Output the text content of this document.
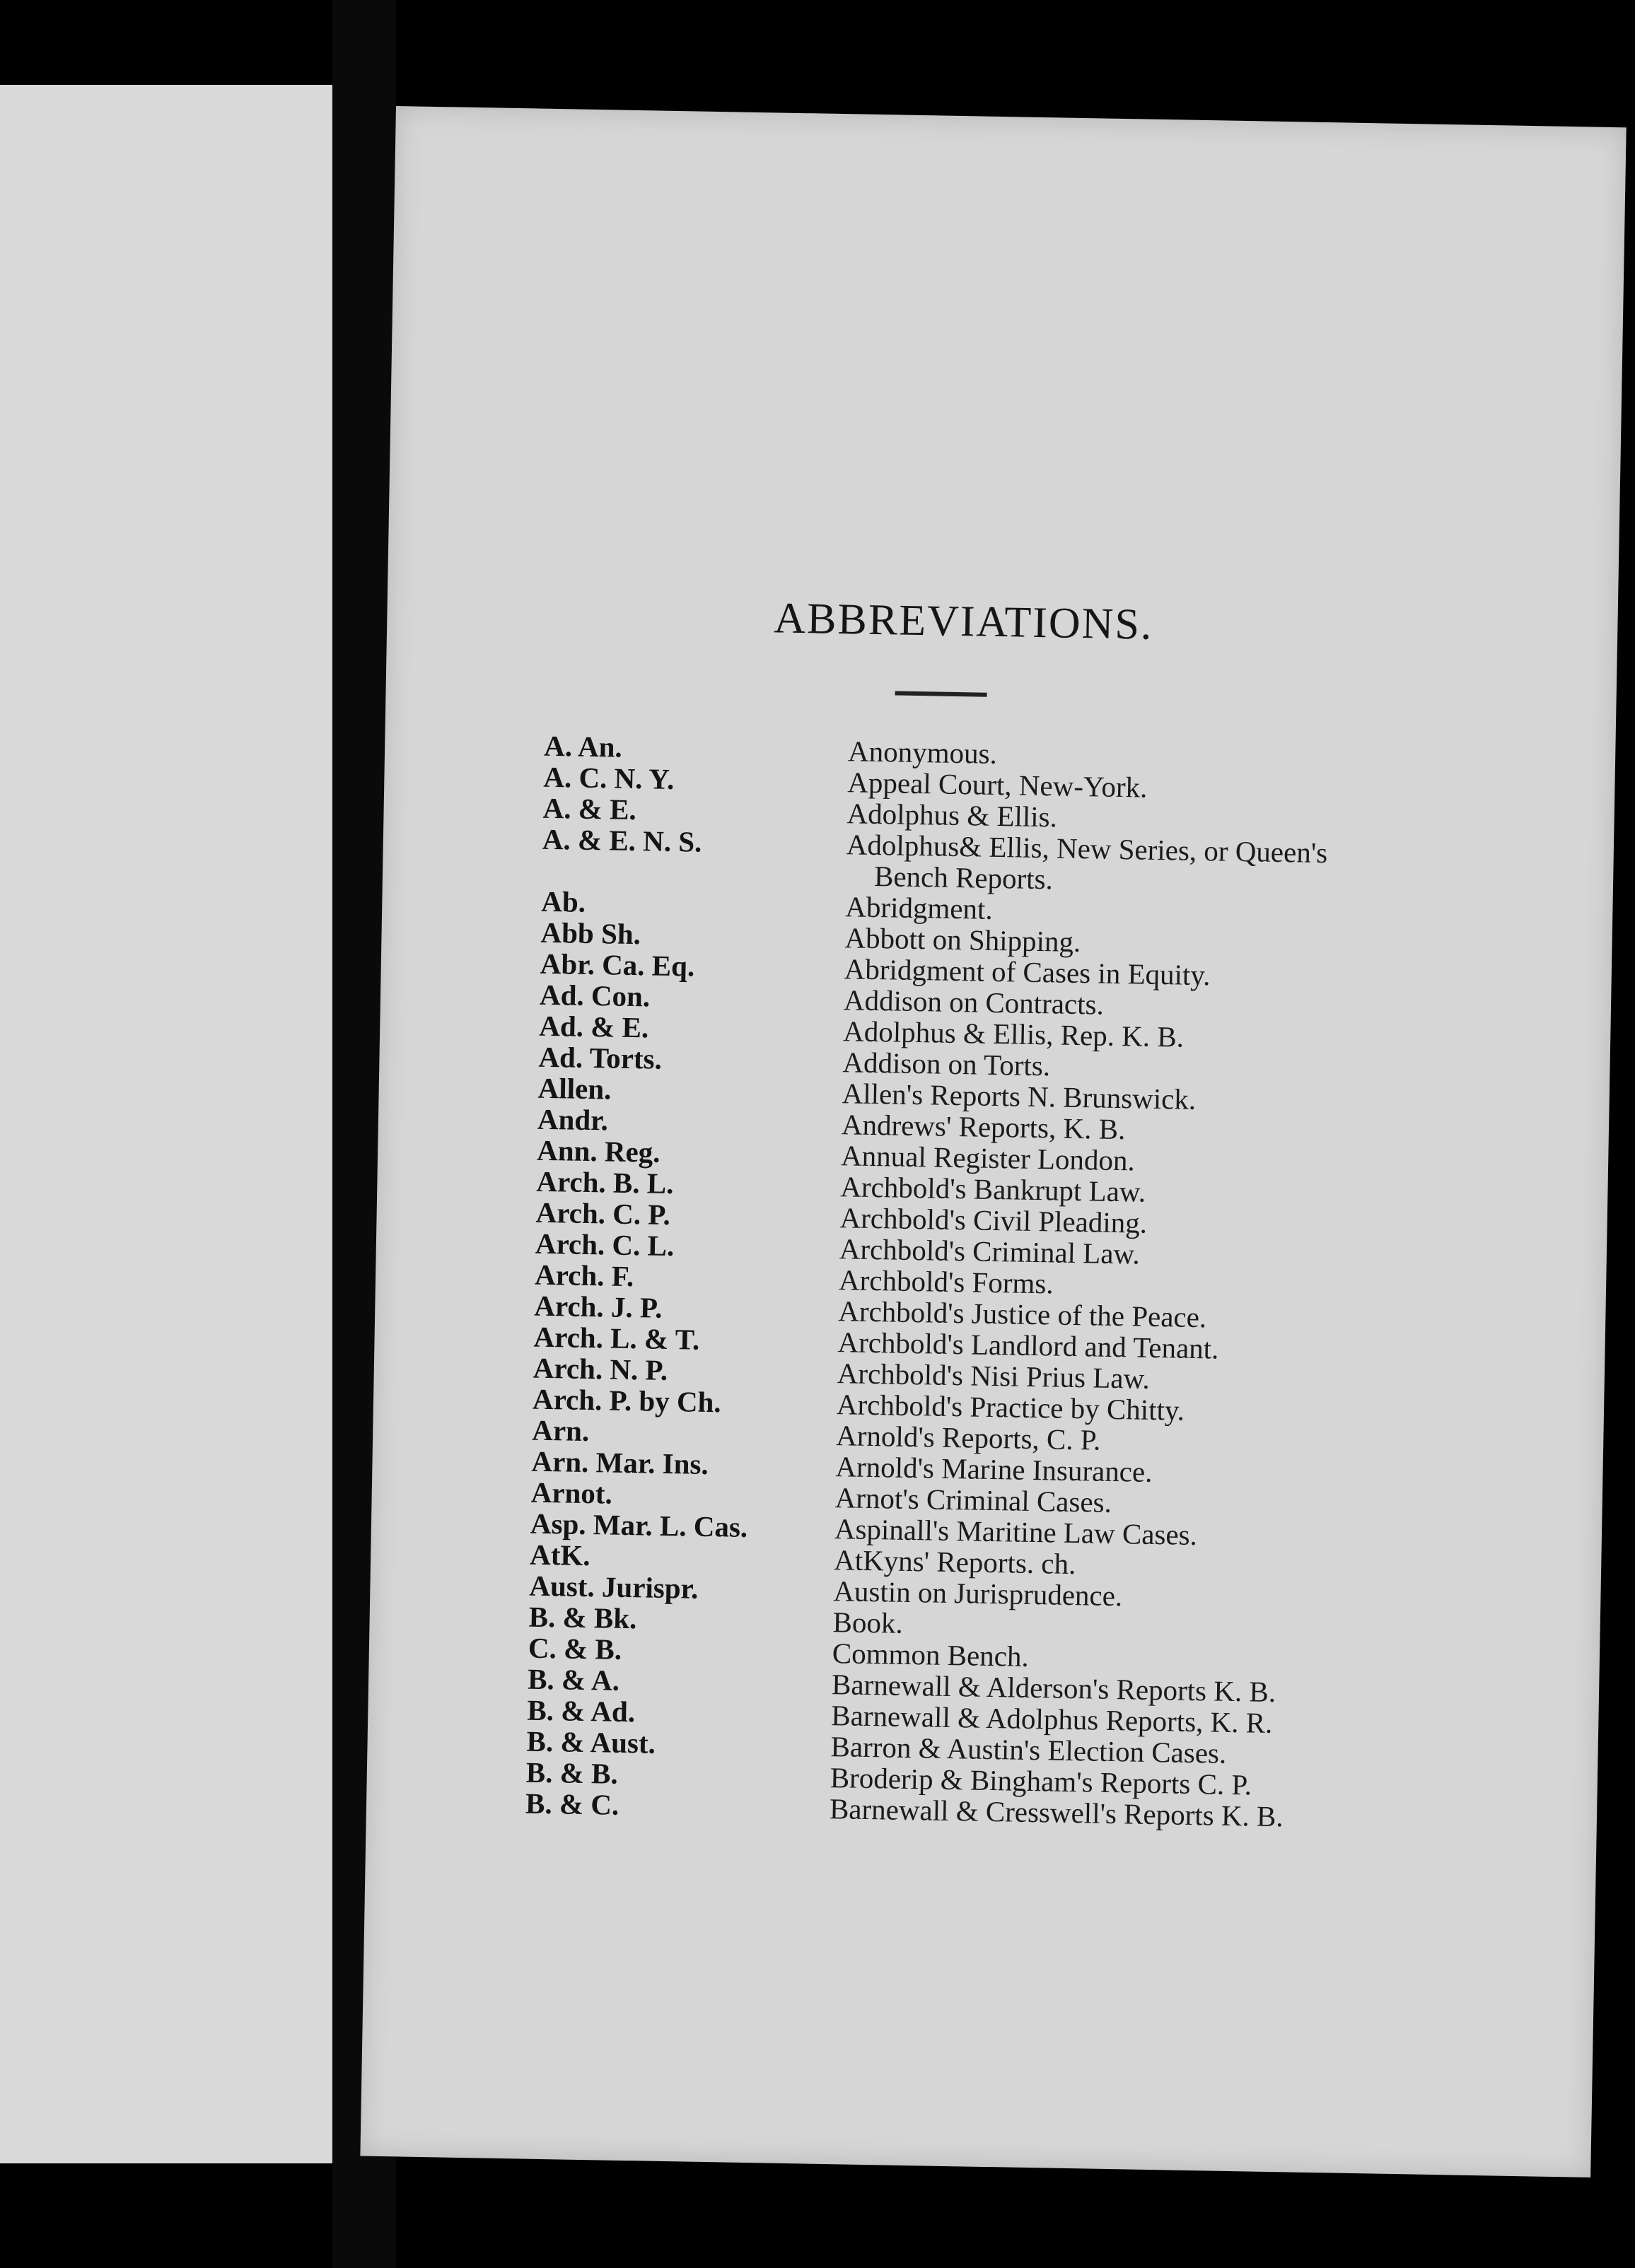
ABBREVIATIONS.
A. An.	Anonymous.
A. C. N. Y.	Appeal Court, New-York.
A. & E.	Adolphus & Ellis.
A. & E. N. S.	Adolphus& Ellis, New Series, or Queen's
Bench Reports.
Ab.	Abridgment.
Abb Sh.	Abbott on Shipping.
Abr. Ca. Eq.	Abridgment of Cases in Equity.
Ad. Con.	Addison on Contracts.
Ad. & E.	Adolphus & Ellis, Rep. K. B.
Ad. Torts.	Addison on Torts.
Allen.	Allen's Reports N. Brunswick.
Andr.	Andrews' Reports, K. B.
Ann. Reg.	Annual Register London.
Arch. B. L.	Archbold's Bankrupt Law.
Arch. C. P.	Archbold's Civil Pleading.
Arch. C. L.	Archbold's Criminal Law.
Arch. F.	Archbold's Forms.
Arch. J. P.	Archbold's Justice of the Peace.
Arch. L. & T.	Archbold's Landlord and Tenant.
Arch. N. P.	Archbold's Nisi Prius Law.
Arch. P. by Ch.	Archbold's Practice by Chitty.
Arn.	Arnold's Reports, C. P.
Arn. Mar. Ins.	Arnold's Marine Insurance.
Arnot.	Arnot's Criminal Cases.
Asp. Mar. L. Cas.	Aspinall's Maritine Law Cases.
AtK.	AtKyns' Reports. ch.
Aust. Jurispr.	Austin on Jurisprudence.
B. & Bk.	Book.
C. & B.	Common Bench.
B. & A.	Barnewall & Alderson's Reports K. B.
B. & Ad.	Barnewall & Adolphus Reports, K. R.
B. & Aust.	Barron & Austin's Election Cases.
B. & B.	Broderip & Bingham's Reports C. P.
B. & C.	Barnewall & Cresswell's Reports K. B.
